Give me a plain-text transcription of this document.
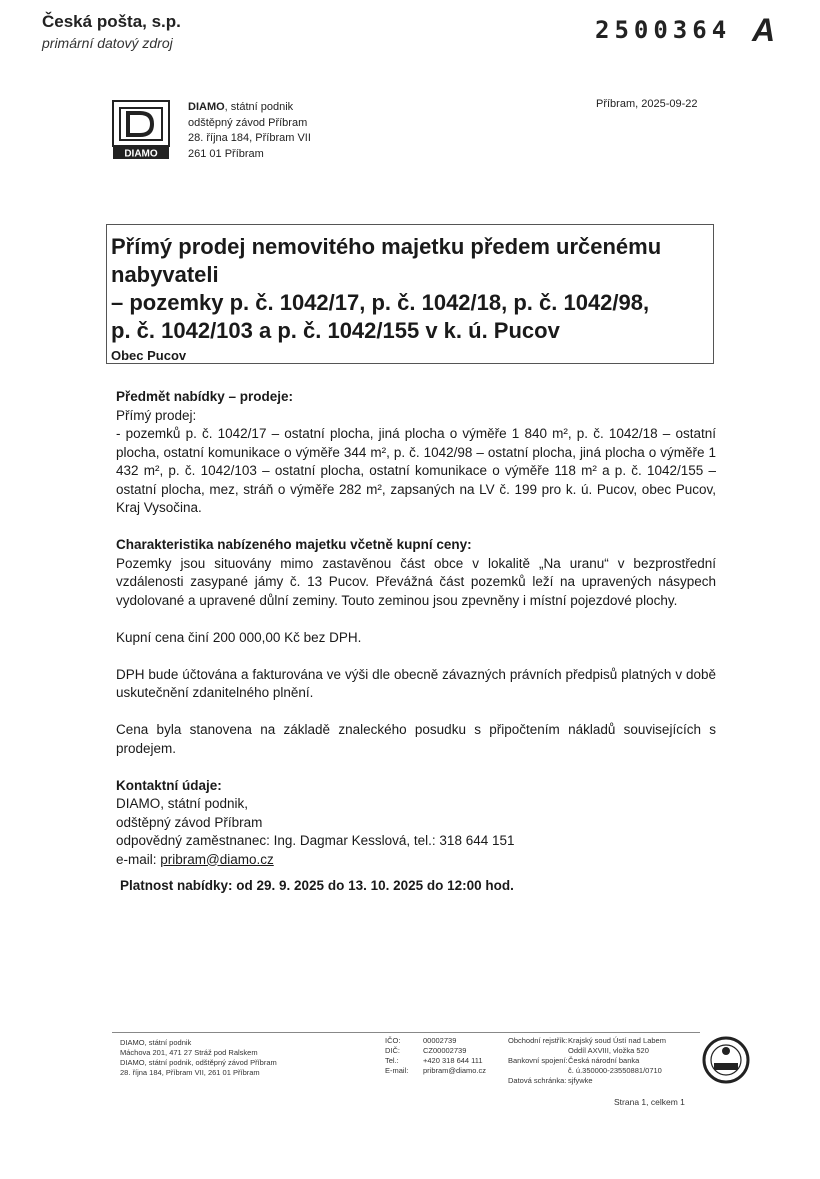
Česká pošta, s.p.
primární datový zdroj	2500364 A
DIAMO
DIAMO, státní podnik
odštěpný závod Příbram
28. října 184, Příbram VII
261 01 Příbram
Příbram, 2025-09-22
Přímý prodej nemovitého majetku předem určenému
nabyvateli
– pozemky p. č. 1042/17, p. č. 1042/18, p. č. 1042/98,
p. č. 1042/103 a p. č. 1042/155 v k. ú. Pucov
Obec Pucov

Předmět nabídky – prodeje:

Přímý prodej:

- pozemků p. č. 1042/17 – ostatní plocha, jiná plocha o výměře 1 840 m², p. č. 1042/18 – ostatní plocha, ostatní komunikace o výměře 344 m², p. č. 1042/98 – ostatní plocha, jiná plocha o výměře 1 432 m², p. č. 1042/103 – ostatní plocha, ostatní komunikace o výměře 118 m² a p. č. 1042/155 – ostatní plocha, mez, stráň o výměře 282 m², zapsaných na LV č. 199 pro k. ú. Pucov, obec Pucov, Kraj Vysočina.

Charakteristika nabízeného majetku včetně kupní ceny:

Pozemky jsou situovány mimo zastavěnou část obce v lokalitě „Na uranu“ v bezprostřední vzdálenosti zasypané jámy č. 13 Pucov. Převážná část pozemků leží na upravených násypech vydolované a upravené důlní zeminy. Touto zeminou jsou zpevněny i místní pojezdové plochy.

Kupní cena činí 200 000,00 Kč bez DPH.

DPH bude účtována a fakturována ve výši dle obecně závazných právních předpisů platných v době uskutečnění zdanitelného plnění.

Cena byla stanovena na základě znaleckého posudku s připočtením nákladů souvisejících s prodejem.

Kontaktní údaje:

DIAMO, státní podnik,

odštěpný závod Příbram

odpovědný zaměstnanec: Ing. Dagmar Kesslová, tel.: 318 644 151

e-mail: pribram@diamo.cz

Platnost nabídky: od 29. 9. 2025 do 13. 10. 2025 do 12:00 hod.
DIAMO, státní podnik
Máchova 201, 471 27 Stráž pod Ralskem
DIAMO, státní podnik, odštěpný závod Příbram
28. října 184, Příbram VII, 261 01 Příbram
IČO:
DIČ:
Tel.:
E-mail:
00002739
CZ00002739
+420 318 644 111
pribram@diamo.cz
Obchodní rejstřík:

Bankovní spojení:

Datová schránka:
Krajský soud Ústí nad Labem
Oddíl AXVIII, vložka 520
Česká národní banka
č. ú.350000-23550881/0710
sjfywke
Strana 1, celkem 1
